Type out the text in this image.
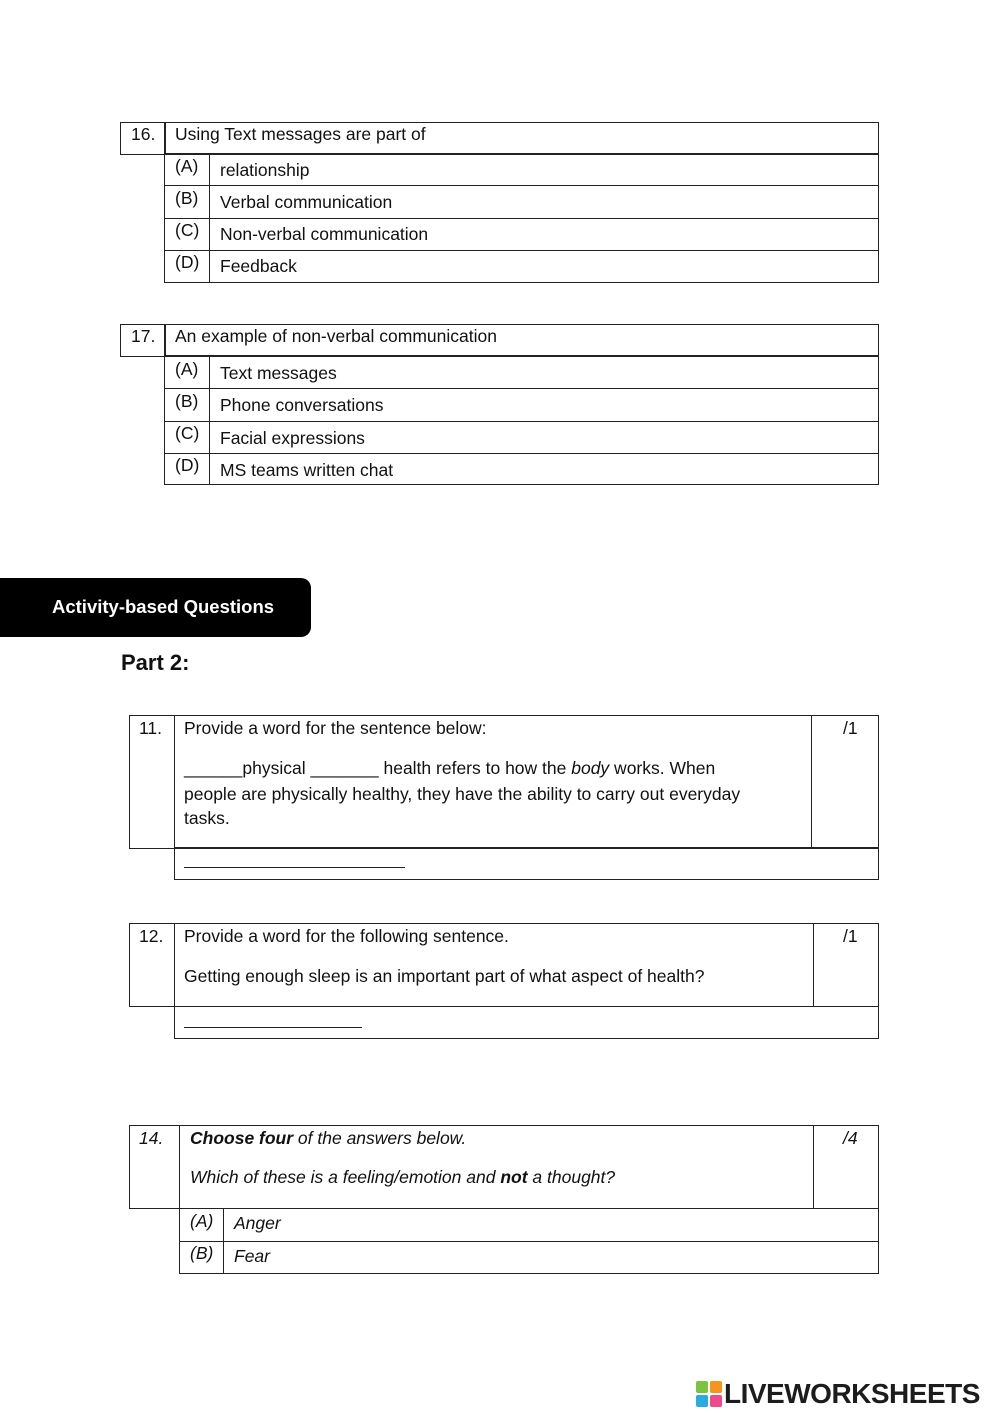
16. Using Text messages are part of
(A) relationship
(B) Verbal communication
(C) Non-verbal communication
(D) Feedback
17. An example of non-verbal communication
(A) Text messages
(B) Phone conversations
(C) Facial expressions
(D) MS teams written chat
Activity-based Questions
Part 2:
11. Provide a word for the sentence below:	/1
______physical _______ health refers to how the body works. When
people are physically healthy, they have the ability to carry out everyday
tasks.
12. Provide a word for the following sentence.	/1
Getting enough sleep is an important part of what aspect of health?
14. Choose four of the answers below.	/4
Which of these is a feeling/emotion and not a thought?
(A) Anger
(B) Fear
LIVEWORKSHEETS
